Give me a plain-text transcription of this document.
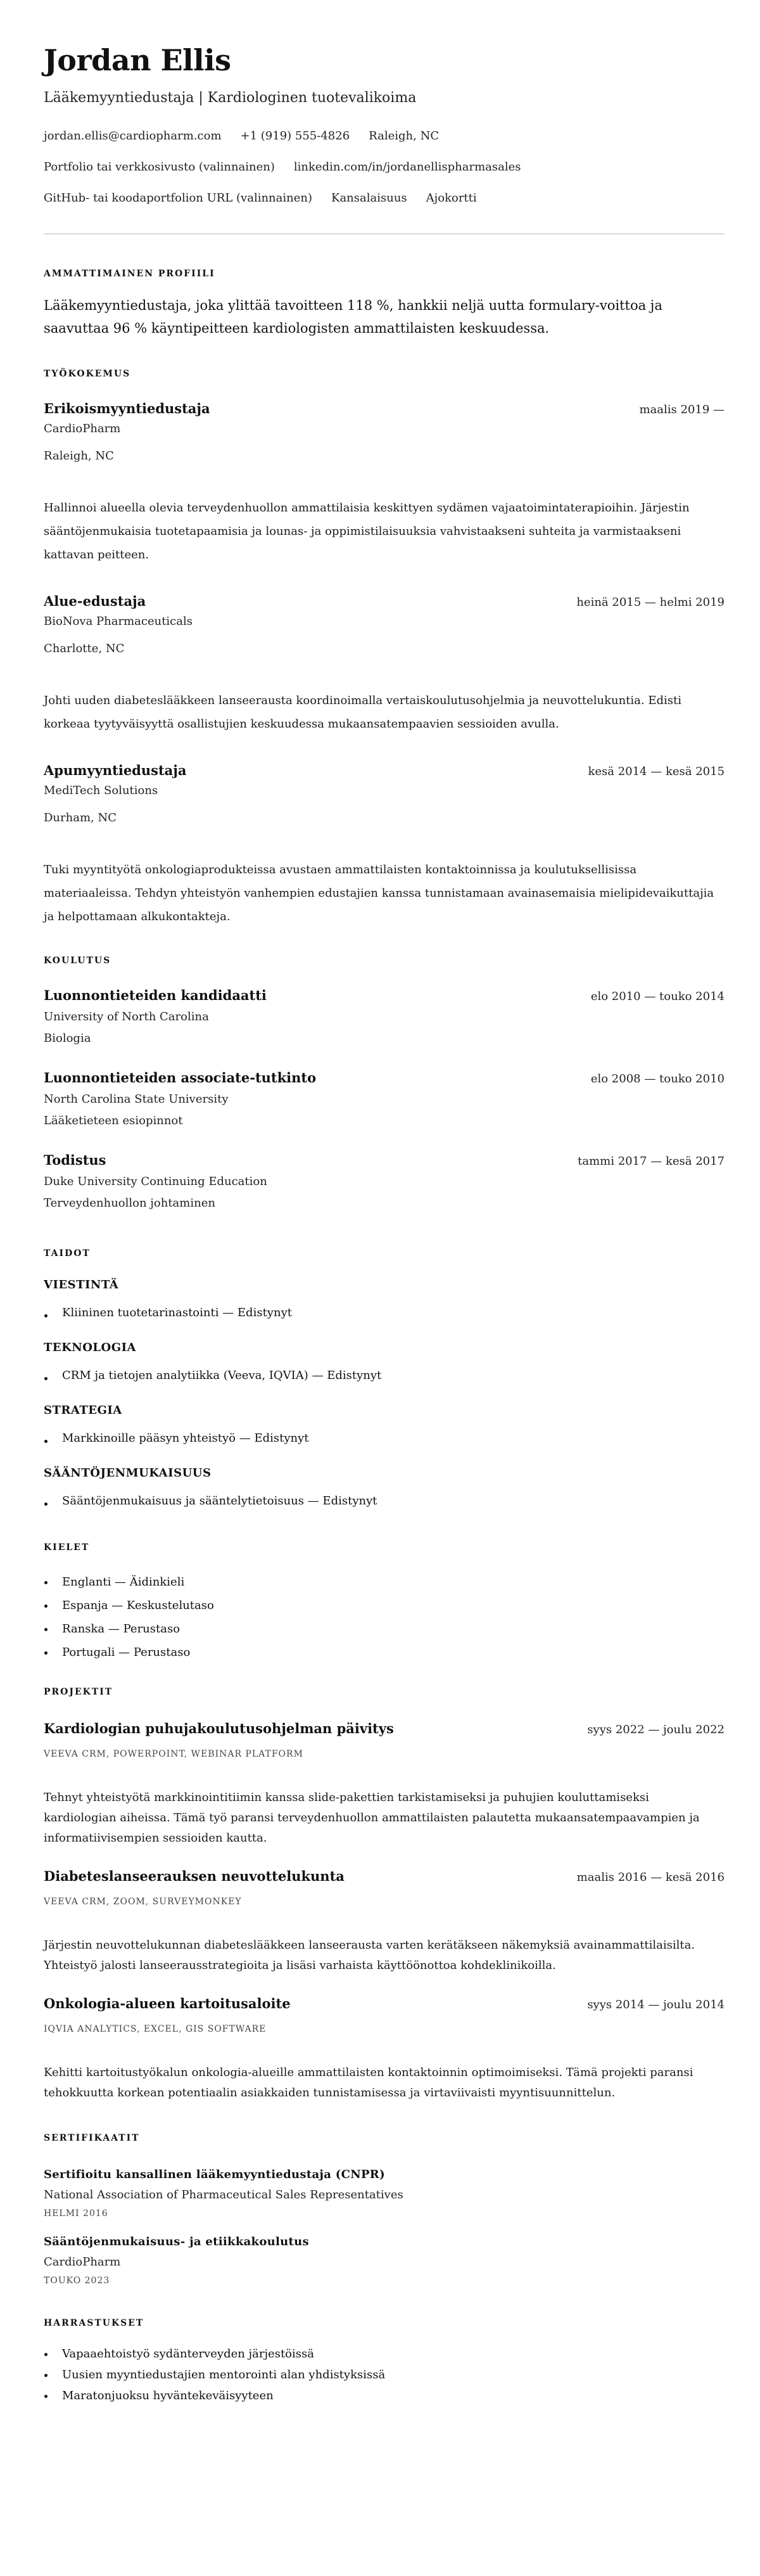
Jordan Ellis
Lääkemyyntiedustaja | Kardiologinen tuotevalikoima
jordan.ellis@cardiopharm.com +1 (919) 555-4826 Raleigh, NC
Portfolio tai verkkosivusto (valinnainen) linkedin.com/in/jordanellispharmasales
GitHub- tai koodaportfolion URL (valinnainen) Kansalaisuus Ajokortti
AMMATTIMAINEN PROFIILI

Lääkemyyntiedustaja, joka ylittää tavoitteen 118 %, hankkii neljä uutta formulary-voittoa ja saavuttaa 96 % käyntipeitteen kardiologisten ammattilaisten keskuudessa.

TYÖKOKEMUS
Erikoismyyntiedustaja	maalis 2019 —
CardioPharm
Raleigh, NC

Hallinnoi alueella olevia terveydenhuollon ammattilaisia keskittyen sydämen vajaatoimintaterapioihin. Järjestin sääntöjenmukaisia tuotetapaamisia ja lounas- ja oppimistilaisuuksia vahvistaakseni suhteita ja varmistaakseni kattavan peitteen.

Alue-edustaja	heinä 2015 — helmi 2019
BioNova Pharmaceuticals
Charlotte, NC

Johti uuden diabeteslääkkeen lanseerausta koordinoimalla vertaiskoulutusohjelmia ja neuvottelukuntia. Edisti korkeaa tyytyväisyyttä osallistujien keskuudessa mukaansatempaavien sessioiden avulla.

Apumyyntiedustaja	kesä 2014 — kesä 2015
MediTech Solutions
Durham, NC

Tuki myyntityötä onkologiaprodukteissa avustaen ammattilaisten kontaktoinnissa ja koulutuksellisissa materiaaleissa. Tehdyn yhteistyön vanhempien edustajien kanssa tunnistamaan avainasemaisia mielipidevaikuttajia ja helpottamaan alkukontakteja.

KOULUTUS
Luonnontieteiden kandidaatti	elo 2010 — touko 2014
University of North Carolina
Biologia
Luonnontieteiden associate-tutkinto	elo 2008 — touko 2010
North Carolina State University
Lääketieteen esiopinnot
Todistus	tammi 2017 — kesä 2017
Duke University Continuing Education
Terveydenhuollon johtaminen
TAIDOT
VIESTINTÄ
Kliininen tuotetarinastointi — Edistynyt
TEKNOLOGIA
CRM ja tietojen analytiikka (Veeva, IQVIA) — Edistynyt
STRATEGIA
Markkinoille pääsyn yhteistyö — Edistynyt
SÄÄNTÖJENMUKAISUUS
Sääntöjenmukaisuus ja sääntelytietoisuus — Edistynyt
KIELET
Englanti — Äidinkieli
Espanja — Keskustelutaso
Ranska — Perustaso
Portugali — Perustaso
PROJEKTIT
Kardiologian puhujakoulutusohjelman päivitys	syys 2022 — joulu 2022
VEEVA CRM, POWERPOINT, WEBINAR PLATFORM

Tehnyt yhteistyötä markkinointitiimin kanssa slide-pakettien tarkistamiseksi ja puhujien kouluttamiseksi kardiologian aiheissa. Tämä työ paransi terveydenhuollon ammattilaisten palautetta mukaansatempaavampien ja informatiivisempien sessioiden kautta.

Diabeteslanseerauksen neuvottelukunta	maalis 2016 — kesä 2016
VEEVA CRM, ZOOM, SURVEYMONKEY

Järjestin neuvottelukunnan diabeteslääkkeen lanseerausta varten kerätäkseen näkemyksiä avainammattilaisilta. Yhteistyö jalosti lanseerausstrategioita ja lisäsi varhaista käyttöönottoa kohdeklinikoilla.

Onkologia-alueen kartoitusaloite	syys 2014 — joulu 2014
IQVIA ANALYTICS, EXCEL, GIS SOFTWARE

Kehitti kartoitustyökalun onkologia-alueille ammattilaisten kontaktoinnin optimoimiseksi. Tämä projekti paransi tehokkuutta korkean potentiaalin asiakkaiden tunnistamisessa ja virtaviivaisti myyntisuunnittelun.

SERTIFIKAATIT
Sertifioitu kansallinen lääkemyyntiedustaja (CNPR)
National Association of Pharmaceutical Sales Representatives
HELMI 2016
Sääntöjenmukaisuus- ja etiikkakoulutus
CardioPharm
TOUKO 2023
HARRASTUKSET
Vapaaehtoistyö sydänterveyden järjestöissä
Uusien myyntiedustajien mentorointi alan yhdistyksissä
Maratonjuoksu hyväntekeväisyyteen
